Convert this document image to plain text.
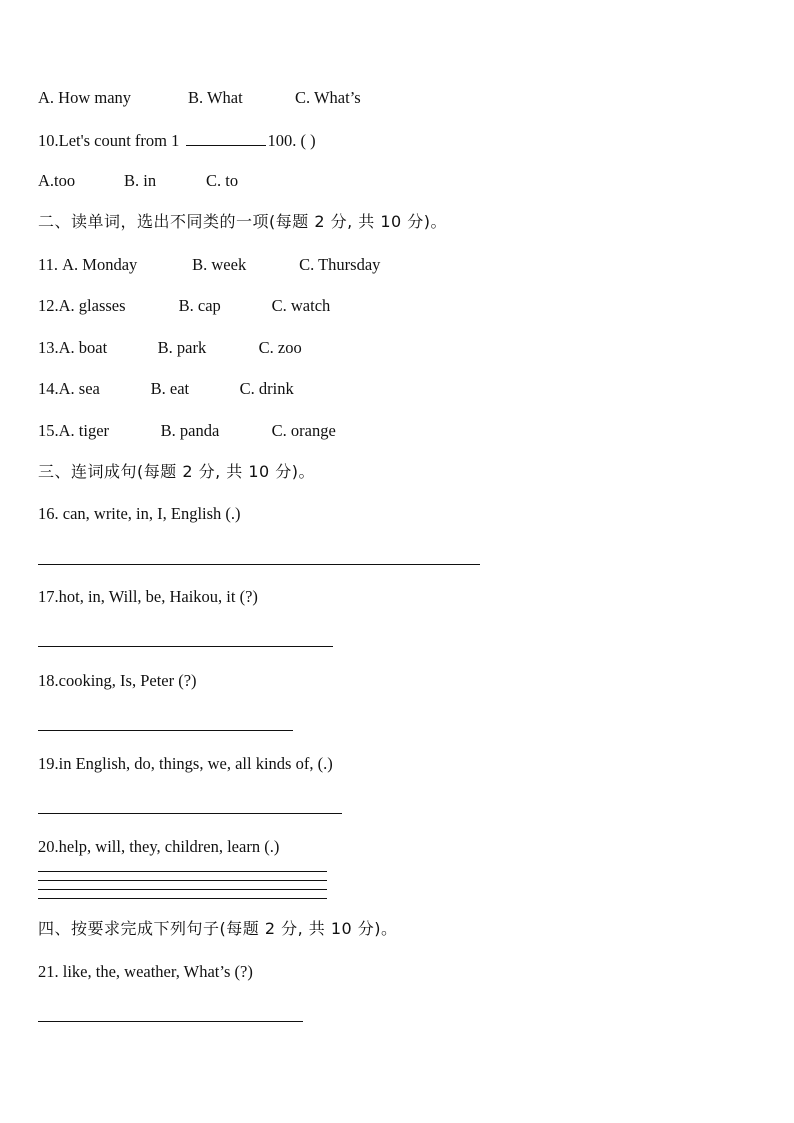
A. How many	B. What	C. What’s
10.Let's count from 1	100. ( )
A.too	B. in	C. to
二、读单词，选出不同类的一项(每题 2 分, 共 10 分)。
11. A. Monday	B. week	C. Thursday
12.A. glasses	B. cap	C. watch
13.A. boat	B. park	C. zoo
14.A. sea	B. eat	C. drink
15.A. tiger	B. panda	C. orange
三、连词成句(每题 2 分, 共 10 分)。
16. can, write, in, I, English (.)
17.hot, in, Will, be, Haikou, it (?)
18.cooking, Is, Peter (?)
19.in English, do, things, we, all kinds of, (.)
20.help, will, they, children, learn (.)
四、按要求完成下列句子(每题 2 分, 共 10 分)。
21. like, the, weather, What’s (?)
